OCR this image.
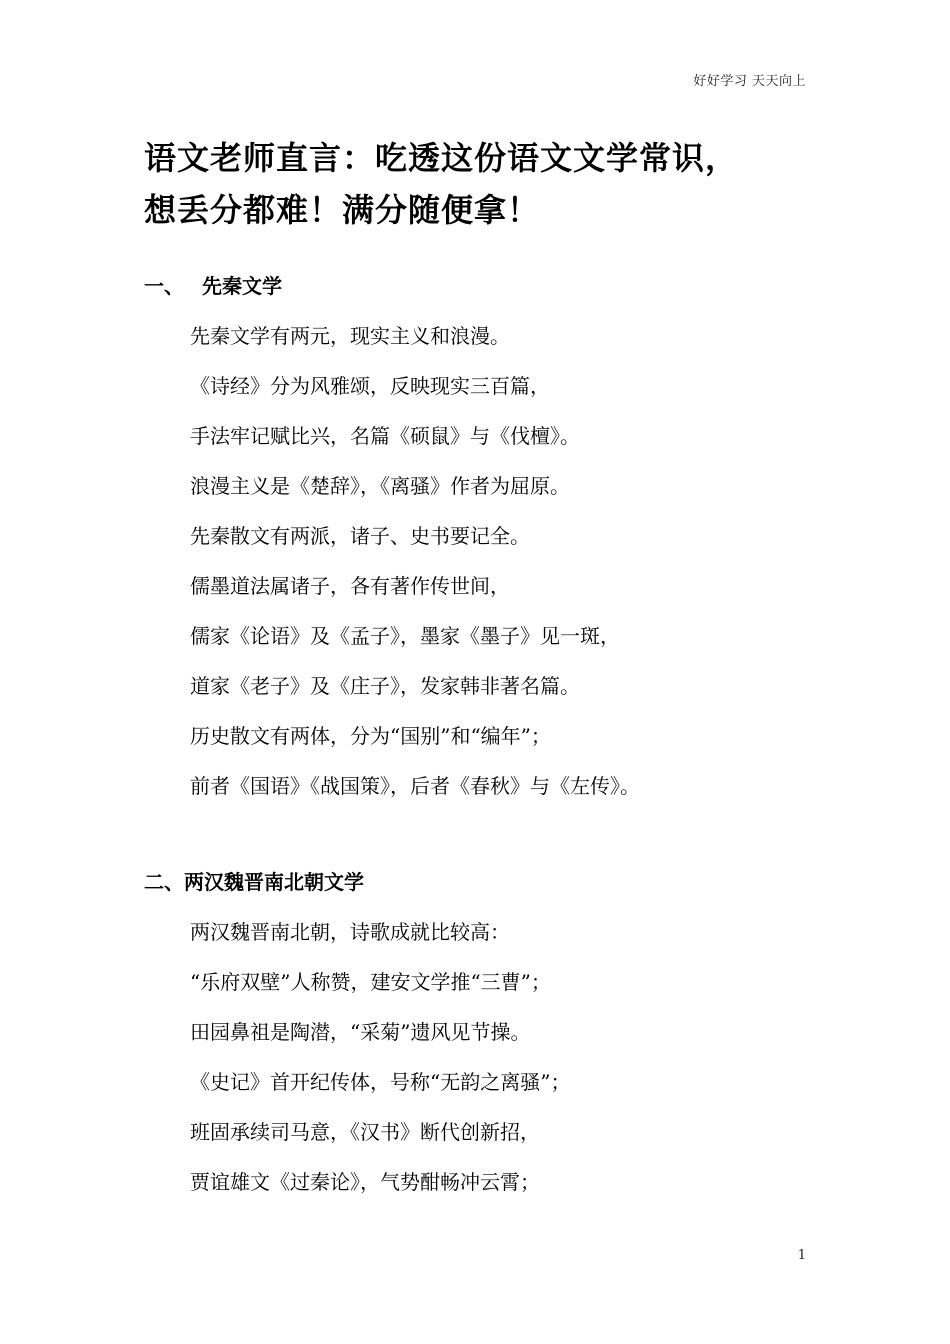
好好学习 天天向上
语文老师直言：吃透这份语文文学常识，
想丢分都难！满分随便拿！
一、 先秦文学
先秦文学有两元，现实主义和浪漫。
《诗经》分为风雅颂，反映现实三百篇，
手法牢记赋比兴，名篇《硕鼠》与《伐檀》。
浪漫主义是《楚辞》，《离骚》作者为屈原。
先秦散文有两派，诸子、史书要记全。
儒墨道法属诸子，各有著作传世间，
儒家《论语》及《孟子》，墨家《墨子》见一斑，
道家《老子》及《庄子》，发家韩非著名篇。
历史散文有两体，分为“国别”和“编年”；
前者《国语》《战国策》，后者《春秋》与《左传》。
二、两汉魏晋南北朝文学
两汉魏晋南北朝，诗歌成就比较高：
“乐府双壁”人称赞，建安文学推“三曹”；
田园鼻祖是陶潜，“采菊”遗风见节操。
《史记》首开纪传体，号称“无韵之离骚”；
班固承续司马意，《汉书》断代创新招，
贾谊雄文《过秦论》，气势酣畅冲云霄；
1
